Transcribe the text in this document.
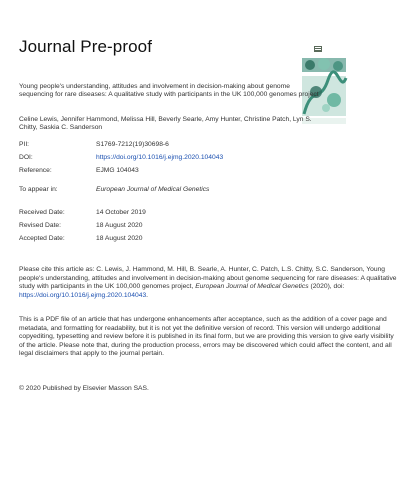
Journal Pre-proof
Young people's understanding, attitudes and involvement in decision-making about genome sequencing for rare diseases: A qualitative study with participants in the UK 100,000 genomes project
Celine Lewis, Jennifer Hammond, Melissa Hill, Beverly Searle, Amy Hunter, Christine Patch, Lyn S. Chitty, Saskia C. Sanderson
PII:	S1769-7212(19)30698-6
DOI:	https://doi.org/10.1016/j.ejmg.2020.104043
Reference:	EJMG 104043
To appear in:	European Journal of Medical Genetics
Received Date:	14 October 2019
Revised Date:	18 August 2020
Accepted Date:	18 August 2020
Please cite this article as: C. Lewis, J. Hammond, M. Hill, B. Searle, A. Hunter, C. Patch, L.S. Chitty, S.C. Sanderson, Young people's understanding, attitudes and involvement in decision-making about genome sequencing for rare diseases: A qualitative study with participants in the UK 100,000 genomes project, European Journal of Medical Genetics (2020), doi: https://doi.org/10.1016/j.ejmg.2020.104043.
This is a PDF file of an article that has undergone enhancements after acceptance, such as the addition of a cover page and metadata, and formatting for readability, but it is not yet the definitive version of record. This version will undergo additional copyediting, typesetting and review before it is published in its final form, but we are providing this version to give early visibility of the article. Please note that, during the production process, errors may be discovered which could affect the content, and all legal disclaimers that apply to the journal pertain.
© 2020 Published by Elsevier Masson SAS.
